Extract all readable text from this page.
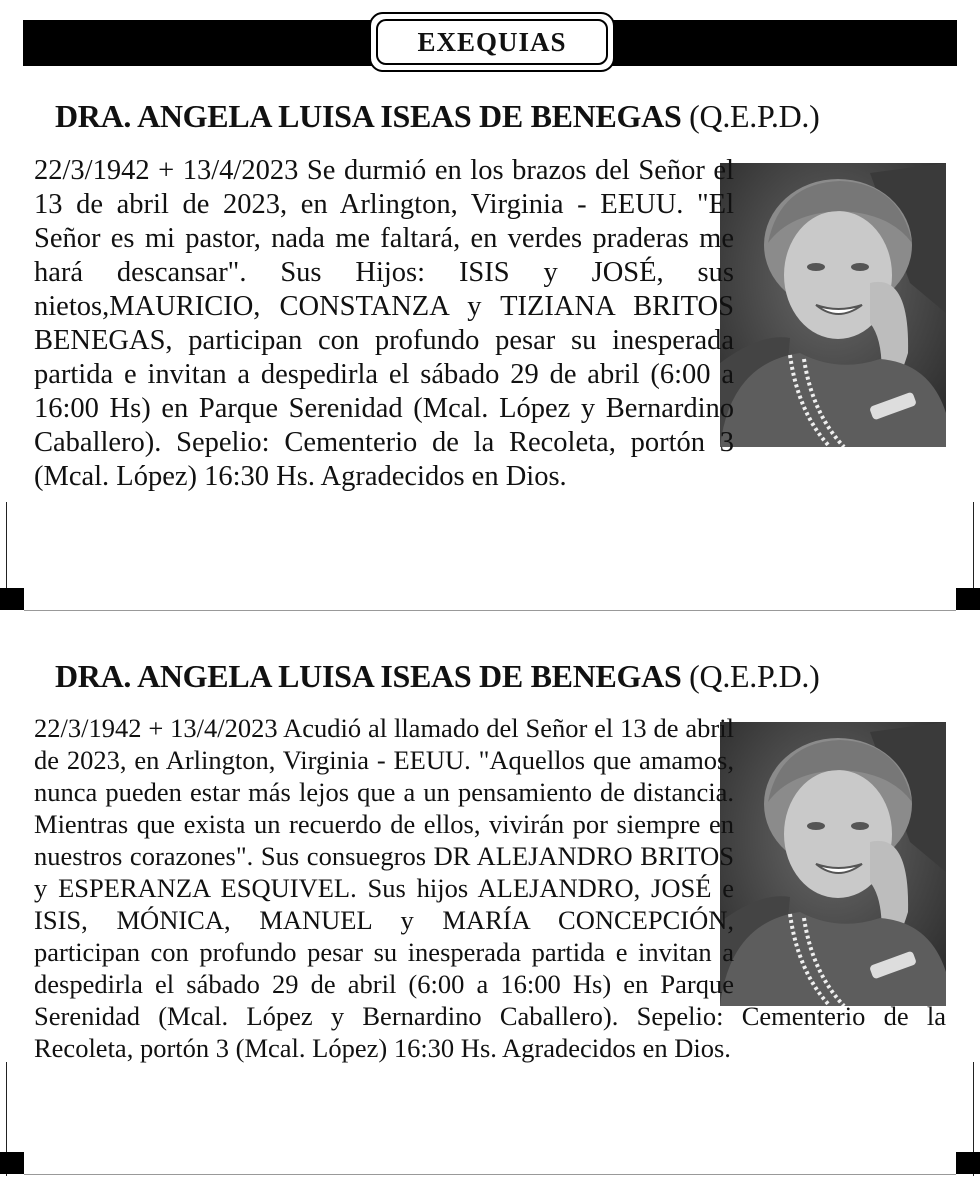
EXEQUIAS
DRA. ANGELA LUISA ISEAS DE BENEGAS (Q.E.P.D.)

22/3/1942 + 13/4/2023 Se durmió en los brazos del Señor el 13 de abril de 2023, en Arlington, Virginia - EEUU. "El Señor es mi pastor, nada me faltará, en verdes praderas me hará descansar". Sus Hijos: ISIS y JOSÉ, sus nietos,MAURICIO, CONSTANZA y TIZIANA BRITOS BENEGAS, participan con profundo pesar su inesperada partida e invitan a despedirla el sábado 29 de abril (6:00 a 16:00 Hs) en Parque Serenidad (Mcal. López y Bernardino Caballero). Sepelio: Cementerio de la Recoleta, portón 3 (Mcal. López) 16:30 Hs. Agradecidos en Dios.

DRA. ANGELA LUISA ISEAS DE BENEGAS (Q.E.P.D.)

22/3/1942 + 13/4/2023 Acudió al llamado del Señor el 13 de abril de 2023, en Arlington, Virginia - EEUU. "Aquellos que amamos, nunca pueden estar más lejos que a un pensamiento de distancia. Mientras que exista un recuerdo de ellos, vivirán por siempre en nuestros corazones". Sus consuegros DR ALEJANDRO BRITOS y ESPERANZA ESQUIVEL. Sus hijos ALEJANDRO, JOSÉ e ISIS, MÓNICA, MANUEL y MARÍA CONCEPCIÓN, participan con profundo pesar su inesperada partida e invitan a despedirla el sábado 29 de abril (6:00 a 16:00 Hs) en Parque Serenidad (Mcal. López y Bernardino Caballero). Sepelio: Cementerio de la Recoleta, portón 3 (Mcal. López) 16:30 Hs. Agradecidos en Dios.
